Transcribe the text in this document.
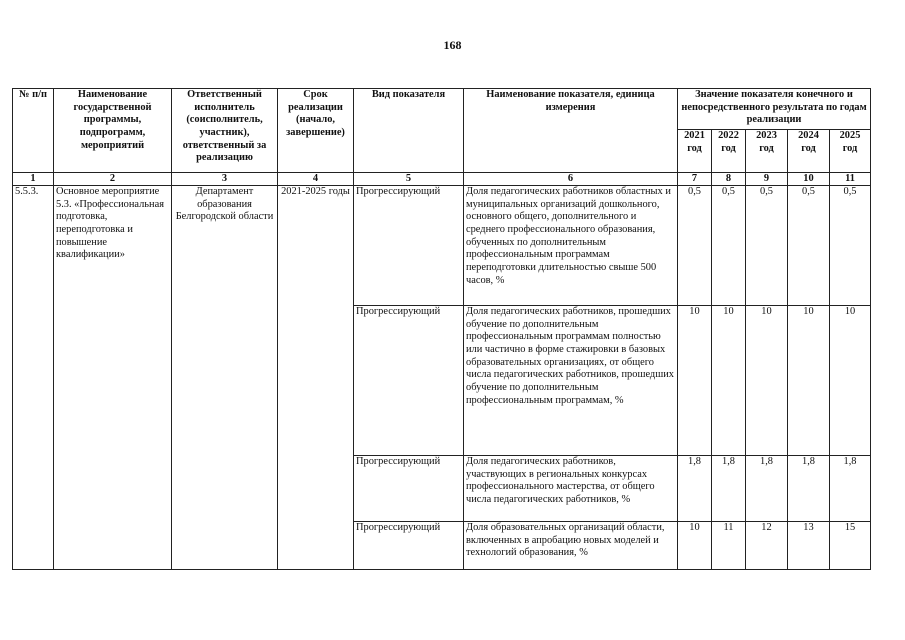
168
№ п/п	Наименование государственной программы, подпрограмм, мероприятий	Ответственный исполнитель (соисполнитель, участник), ответственный за реализацию	Срок реализации (начало, завершение)	Вид показателя	Наименование показателя, единица измерения	Значение показателя конечного и непосредственного результата по годам реализации				
						2021 год	2022 год	2023 год	2024 год	2025 год
1	2	3	4	5	6	7	8	9	10	11
5.5.3.	Основное мероприятие 5.3. «Профессиональная подготовка, переподготовка и повышение квалификации»	Департамент образования Белгородской области	2021-2025 годы	Прогрессирующий	Доля педагогических работников областных и муниципальных организаций дошкольного, основного общего, дополнительного и среднего профессионального образования, обученных по дополнительным профессиональным программам переподготовки длительностью свыше 500 часов, %	0,5	0,5	0,5	0,5	0,5
				Прогрессирующий	Доля педагогических работников, прошедших обучение по дополнительным профессиональным программам полностью или частично в форме стажировки в базовых образовательных организациях, от общего числа педагогических работников, прошедших обучение по дополнительным профессиональным программам, %	10	10	10	10	10
				Прогрессирующий	Доля педагогических работников, участвующих в региональных конкурсах профессионального мастерства, от общего числа педагогических работников, %	1,8	1,8	1,8	1,8	1,8
				Прогрессирующий	Доля образовательных организаций области, включенных в апробацию новых моделей и технологий образования, %	10	11	12	13	15
